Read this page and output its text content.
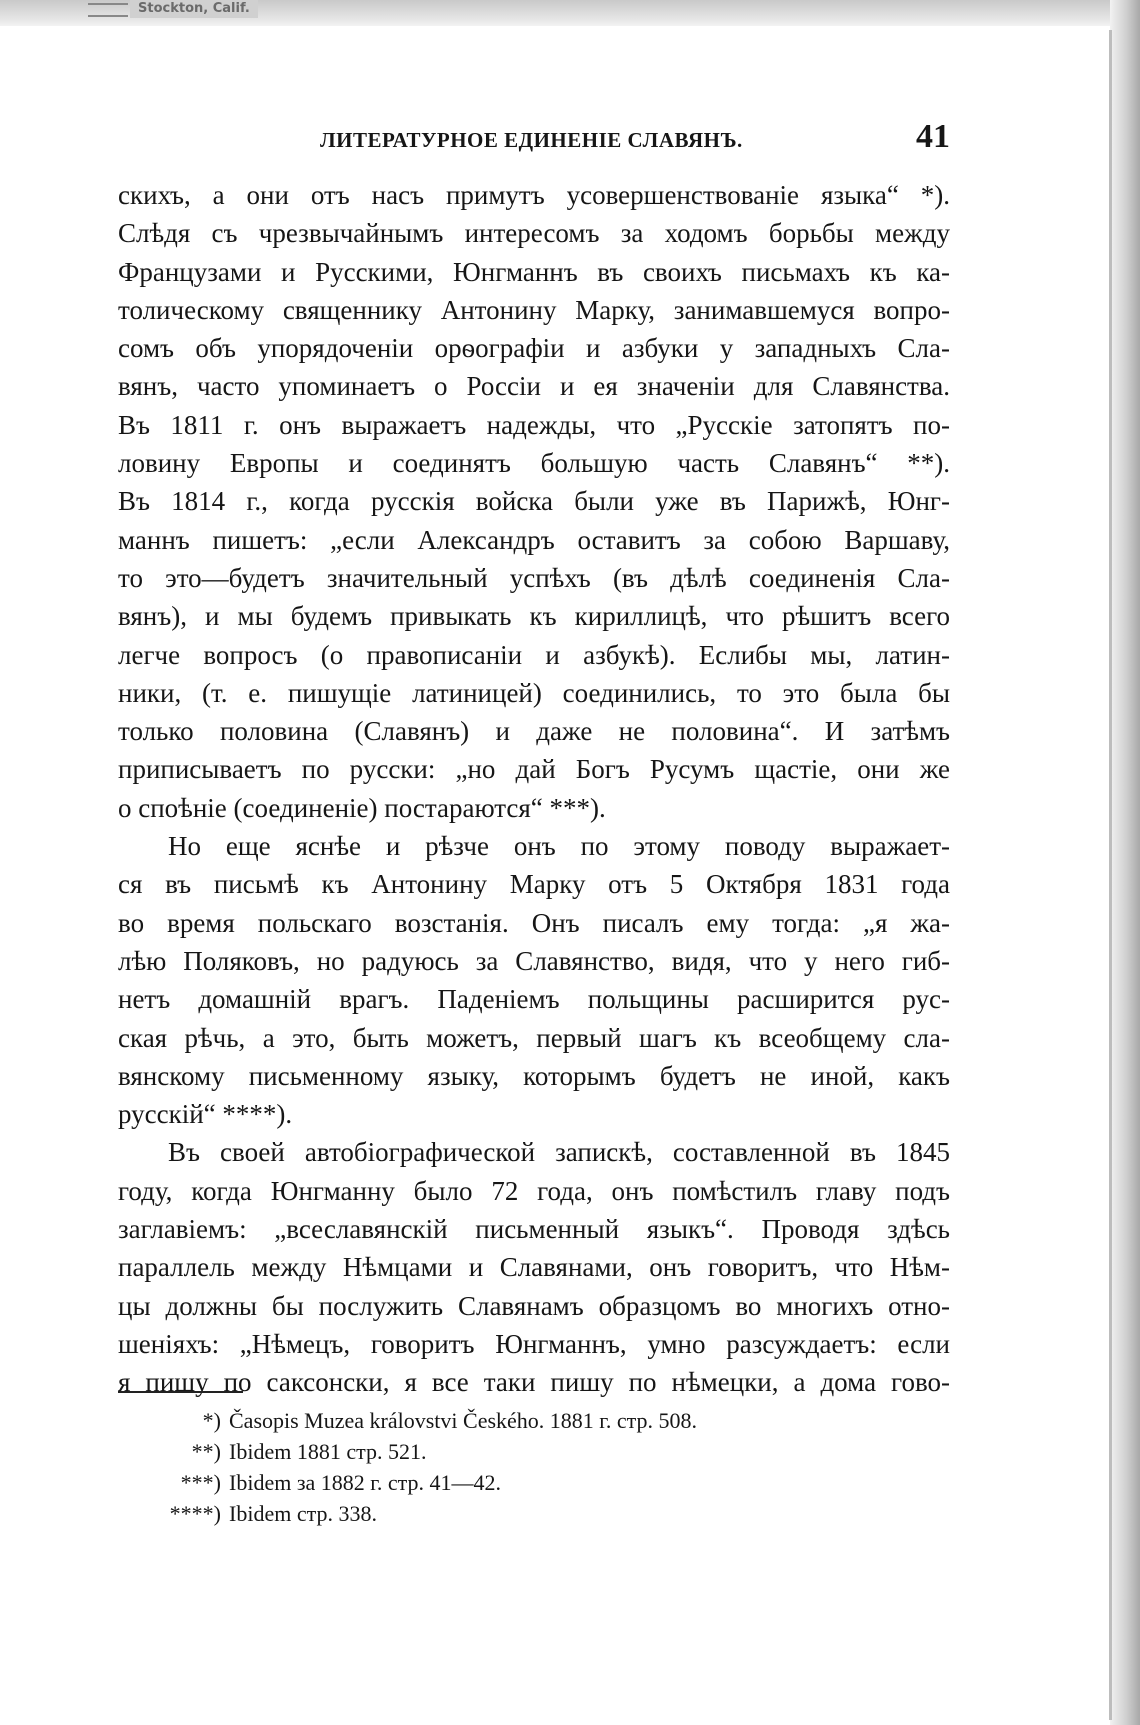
Stockton, Calif.
ЛИТЕРАТУРНОЕ ЕДИНЕНІЕ СЛАВЯНЪ.	41
скихъ, а они отъ насъ примутъ усовершенствованіе языка“ *).
Слѣдя съ чрезвычайнымъ интересомъ за ходомъ борьбы между
Французами и Русскими, Юнгманнъ въ своихъ письмахъ къ ка-
толическому священнику Антонину Марку, занимавшемуся вопро-
сомъ объ упорядоченіи орѳографіи и азбуки у западныхъ Сла-
вянъ, часто упоминаетъ о Россіи и ея значеніи для Славянства.
Въ 1811 г. онъ выражаетъ надежды, что „Русскіе затопятъ по-
ловину Европы и соединятъ большую часть Славянъ“ **).
Въ 1814 г., когда русскія войска были уже въ Парижѣ, Юнг-
маннъ пишетъ: „если Александръ оставитъ за собою Варшаву,
то это—будетъ значительный успѣхъ (въ дѣлѣ соединенія Сла-
вянъ), и мы будемъ привыкать къ кириллицѣ, что рѣшитъ всего
легче вопросъ (о правописаніи и азбукѣ). Еслибы мы, латин-
ники, (т. е. пишущіе латиницей) соединились, то это была бы
только половина (Славянъ) и даже не половина“. И затѣмъ
приписываетъ по русски: „но дай Богъ Русумъ щастіе, они же
о споѣніе (соединеніе) постараются“ ***).
Но еще яснѣе и рѣзче онъ по этому поводу выражает-
ся въ письмѣ къ Антонину Марку отъ 5 Октября 1831 года
во время польскаго возстанія. Онъ писалъ ему тогда: „я жа-
лѣю Поляковъ, но радуюсь за Славянство, видя, что у него гиб-
нетъ домашній врагъ. Паденіемъ польщины расширится рус-
ская рѣчь, а это, быть можетъ, первый шагъ къ всеобщему сла-
вянскому письменному языку, которымъ будетъ не иной, какъ
русскій“ ****).
Въ своей автобіографической запискѣ, составленной въ 1845
году, когда Юнгманну было 72 года, онъ помѣстилъ главу подъ
заглавіемъ: „всеславянскій письменный языкъ“. Проводя здѣсь
параллель между Нѣмцами и Славянами, онъ говоритъ, что Нѣм-
цы должны бы послужить Славянамъ образцомъ во многихъ отно-
шеніяхъ: „Нѣмецъ, говоритъ Юнгманнъ, умно разсуждаетъ: если
я пишу по саксонски, я все таки пишу по нѣмецки, а дома гово-
*) Časopis Muzea královstvi Českého. 1881 г. стр. 508.
**) Ibidem 1881 стр. 521.
***) Ibidem за 1882 г. стр. 41—42.
****) Ibidem стр. 338.
